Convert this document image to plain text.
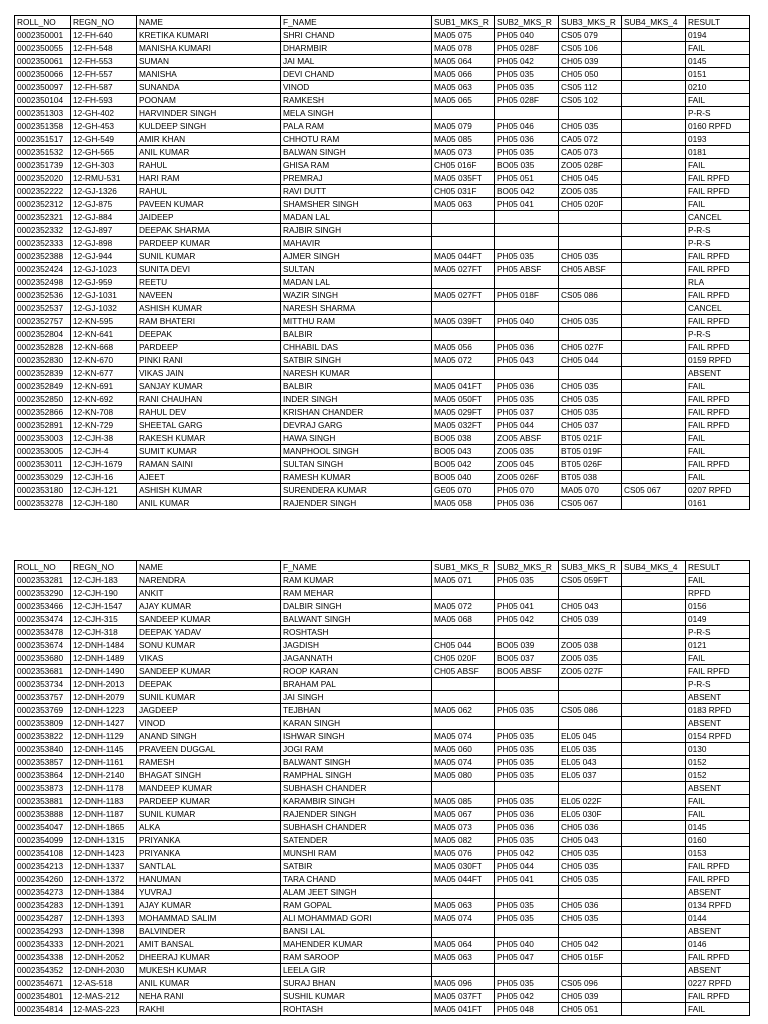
ROLL_NO	REGN_NO	NAME	F_NAME	SUB1_MKS_R	SUB2_MKS_R	SUB3_MKS_R	SUB4_MKS_4	RESULT
0002350001	12-FH-640	KRETIKA KUMARI	SHRI CHAND	MA05 075	PH05 040	CS05 079		0194
0002350055	12-FH-548	MANISHA KUMARI	DHARMBIR	MA05 078	PH05 028F	CS05 106		FAIL
0002350061	12-FH-553	SUMAN	JAI MAL	MA05 064	PH05 042	CH05 039		0145
0002350066	12-FH-557	MANISHA	DEVI CHAND	MA05 066	PH05 035	CH05 050		0151
0002350097	12-FH-587	SUNANDA	VINOD	MA05 063	PH05 035	CS05 112		0210
0002350104	12-FH-593	POONAM	RAMKESH	MA05 065	PH05 028F	CS05 102		FAIL
0002351303	12-GH-402	HARVINDER SINGH	MELA SINGH					P-R-S
0002351358	12-GH-453	KULDEEP SINGH	PALA RAM	MA05 079	PH05 046	CH05 035		0160 RPFD
0002351517	12-GH-549	AMIR KHAN	CHHOTU RAM	MA05 085	PH05 036	CA05 072		0193
0002351532	12-GH-565	ANIL KUMAR	BALWAN SINGH	MA05 073	PH05 035	CA05 073		0181
0002351739	12-GH-303	RAHUL	GHISA RAM	CH05 016F	BO05 035	ZO05 028F		FAIL
0002352020	12-RMU-531	HARI RAM	PREMRAJ	MA05 035FT	PH05 051	CH05 045		FAIL RPFD
0002352222	12-GJ-1326	RAHUL	RAVI DUTT	CH05 031F	BO05 042	ZO05 035		FAIL RPFD
0002352312	12-GJ-875	PAVEEN KUMAR	SHAMSHER SINGH	MA05 063	PH05 041	CH05 020F		FAIL
0002352321	12-GJ-884	JAIDEEP	MADAN LAL					CANCEL
0002352332	12-GJ-897	DEEPAK SHARMA	RAJBIR SINGH					P-R-S
0002352333	12-GJ-898	PARDEEP KUMAR	MAHAVIR					P-R-S
0002352388	12-GJ-944	SUNIL KUMAR	AJMER SINGH	MA05 044FT	PH05 035	CH05 035		FAIL RPFD
0002352424	12-GJ-1023	SUNITA DEVI	SULTAN	MA05 027FT	PH05 ABSF	CH05 ABSF		FAIL RPFD
0002352498	12-GJ-959	REETU	MADAN LAL					RLA
0002352536	12-GJ-1031	NAVEEN	WAZIR SINGH	MA05 027FT	PH05 018F	CS05 086		FAIL RPFD
0002352537	12-GJ-1032	ASHISH KUMAR	NARESH SHARMA					CANCEL
0002352757	12-KN-595	RAM BHATERI	MITTHU RAM	MA05 039FT	PH05 040	CH05 035		FAIL RPFD
0002352804	12-KN-641	DEEPAK	BALBIR					P-R-S
0002352828	12-KN-668	PARDEEP	CHHABIL DAS	MA05 056	PH05 036	CH05 027F		FAIL RPFD
0002352830	12-KN-670	PINKI RANI	SATBIR SINGH	MA05 072	PH05 043	CH05 044		0159 RPFD
0002352839	12-KN-677	VIKAS JAIN	NARESH KUMAR					ABSENT
0002352849	12-KN-691	SANJAY KUMAR	BALBIR	MA05 041FT	PH05 036	CH05 035		FAIL
0002352850	12-KN-692	RANI CHAUHAN	INDER SINGH	MA05 050FT	PH05 035	CH05 035		FAIL RPFD
0002352866	12-KN-708	RAHUL DEV	KRISHAN CHANDER	MA05 029FT	PH05 037	CH05 035		FAIL RPFD
0002352891	12-KN-729	SHEETAL GARG	DEVRAJ GARG	MA05 032FT	PH05 044	CH05 037		FAIL RPFD
0002353003	12-CJH-38	RAKESH KUMAR	HAWA SINGH	BO05 038	ZO05 ABSF	BT05 021F		FAIL
0002353005	12-CJH-4	SUMIT KUMAR	MANPHOOL SINGH	BO05 043	ZO05 035	BT05 019F		FAIL
0002353011	12-CJH-1679	RAMAN SAINI	SULTAN SINGH	BO05 042	ZO05 045	BT05 026F		FAIL RPFD
0002353029	12-CJH-16	AJEET	RAMESH KUMAR	BO05 040	ZO05 026F	BT05 038		FAIL
0002353180	12-CJH-121	ASHISH KUMAR	SURENDERA KUMAR	GE05 070	PH05 070	MA05 070	CS05 067	0207 RPFD
0002353278	12-CJH-180	ANIL KUMAR	RAJENDER SINGH	MA05 058	PH05 036	CS05 067		0161
ROLL_NO	REGN_NO	NAME	F_NAME	SUB1_MKS_R	SUB2_MKS_R	SUB3_MKS_R	SUB4_MKS_4	RESULT
0002353281	12-CJH-183	NARENDRA	RAM KUMAR	MA05 071	PH05 035	CS05 059FT		FAIL
0002353290	12-CJH-190	ANKIT	RAM MEHAR					RPFD
0002353466	12-CJH-1547	AJAY KUMAR	DALBIR SINGH	MA05 072	PH05 041	CH05 043		0156
0002353474	12-CJH-315	SANDEEP KUMAR	BALWANT SINGH	MA05 068	PH05 042	CH05 039		0149
0002353478	12-CJH-318	DEEPAK YADAV	ROSHTASH					P-R-S
0002353674	12-DNH-1484	SONU KUMAR	JAGDISH	CH05 044	BO05 039	ZO05 038		0121
0002353680	12-DNH-1489	VIKAS	JAGANNATH	CH05 020F	BO05 037	ZO05 035		FAIL
0002353681	12-DNH-1490	SANDEEP KUMAR	ROOP KARAN	CH05 ABSF	BO05 ABSF	ZO05 027F		FAIL RPFD
0002353734	12-DNH-2013	DEEPAK	BRAHAM PAL					P-R-S
0002353757	12-DNH-2079	SUNIL KUMAR	JAI SINGH					ABSENT
0002353769	12-DNH-1223	JAGDEEP	TEJBHAN	MA05 062	PH05 035	CS05 086		0183 RPFD
0002353809	12-DNH-1427	VINOD	KARAN SINGH					ABSENT
0002353822	12-DNH-1129	ANAND SINGH	ISHWAR SINGH	MA05 074	PH05 035	EL05 045		0154 RPFD
0002353840	12-DNH-1145	PRAVEEN DUGGAL	JOGI RAM	MA05 060	PH05 035	EL05 035		0130
0002353857	12-DNH-1161	RAMESH	BALWANT SINGH	MA05 074	PH05 035	EL05 043		0152
0002353864	12-DNH-2140	BHAGAT SINGH	RAMPHAL SINGH	MA05 080	PH05 035	EL05 037		0152
0002353873	12-DNH-1178	MANDEEP KUMAR	SUBHASH CHANDER					ABSENT
0002353881	12-DNH-1183	PARDEEP KUMAR	KARAMBIR SINGH	MA05 085	PH05 035	EL05 022F		FAIL
0002353888	12-DNH-1187	SUNIL KUMAR	RAJENDER SINGH	MA05 067	PH05 036	EL05 030F		FAIL
0002354047	12-DNH-1865	ALKA	SUBHASH CHANDER	MA05 073	PH05 036	CH05 036		0145
0002354099	12-DNH-1315	PRIYANKA	SATENDER	MA05 082	PH05 035	CH05 043		0160
0002354108	12-DNH-1423	PRIYANKA	MUNSHI RAM	MA05 076	PH05 042	CH05 035		0153
0002354213	12-DNH-1337	SANTLAL	SATBIR	MA05 030FT	PH05 044	CH05 035		FAIL RPFD
0002354260	12-DNH-1372	HANUMAN	TARA CHAND	MA05 044FT	PH05 041	CH05 035		FAIL RPFD
0002354273	12-DNH-1384	YUVRAJ	ALAM JEET SINGH					ABSENT
0002354283	12-DNH-1391	AJAY KUMAR	RAM GOPAL	MA05 063	PH05 035	CH05 036		0134 RPFD
0002354287	12-DNH-1393	MOHAMMAD SALIM	ALI MOHAMMAD GORI	MA05 074	PH05 035	CH05 035		0144
0002354293	12-DNH-1398	BALVINDER	BANSI LAL					ABSENT
0002354333	12-DNH-2021	AMIT BANSAL	MAHENDER KUMAR	MA05 064	PH05 040	CH05 042		0146
0002354338	12-DNH-2052	DHEERAJ KUMAR	RAM SAROOP	MA05 063	PH05 047	CH05 015F		FAIL RPFD
0002354352	12-DNH-2030	MUKESH KUMAR	LEELA GIR					ABSENT
0002354671	12-AS-518	ANIL KUMAR	SURAJ BHAN	MA05 096	PH05 035	CS05 096		0227 RPFD
0002354801	12-MAS-212	NEHA RANI	SUSHIL KUMAR	MA05 037FT	PH05 042	CH05 039		FAIL RPFD
0002354814	12-MAS-223	RAKHI	ROHTASH	MA05 041FT	PH05 048	CH05 051		FAIL
